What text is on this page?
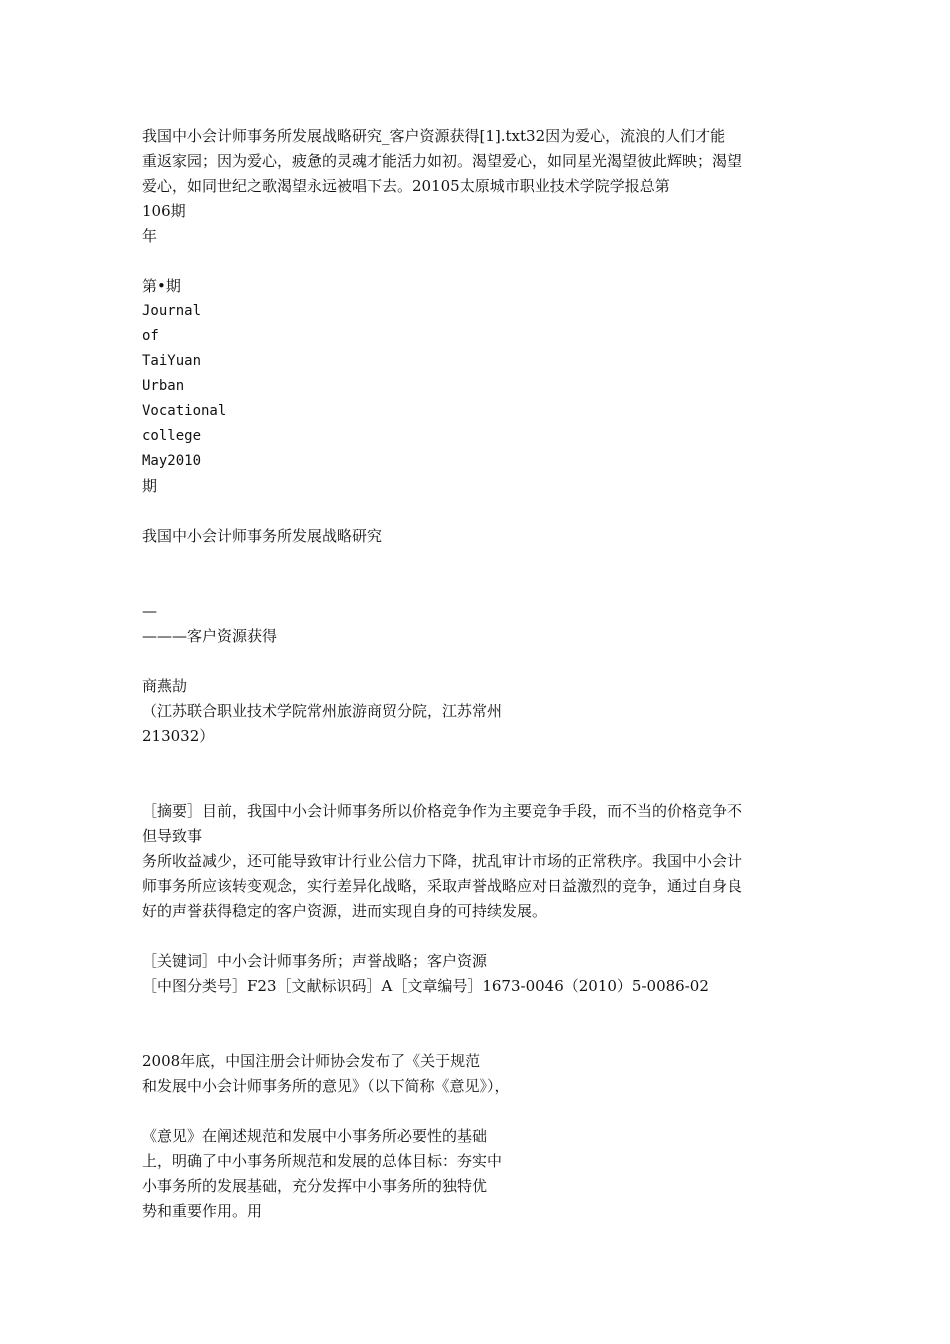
我国中小会计师事务所发展战略研究_客户资源获得[1].txt32因为爱心，流浪的人们才能
重返家园；因为爱心，疲惫的灵魂才能活力如初。渴望爱心，如同星光渴望彼此辉映；渴望
爱心，如同世纪之歌渴望永远被唱下去。20105太原城市职业技术学院学报总第
106期
年
第•期
Journal
of
TaiYuan
Urban
Vocational
college
May2010
期
我国中小会计师事务所发展战略研究
—
———客户资源获得
商燕劼
（江苏联合职业技术学院常州旅游商贸分院，江苏常州
213032）
［摘要］目前，我国中小会计师事务所以价格竞争作为主要竞争手段，而不当的价格竞争不
但导致事
务所收益减少，还可能导致审计行业公信力下降，扰乱审计市场的正常秩序。我国中小会计
师事务所应该转变观念，实行差异化战略，采取声誉战略应对日益激烈的竞争，通过自身良
好的声誉获得稳定的客户资源，进而实现自身的可持续发展。
［关键词］中小会计师事务所；声誉战略；客户资源
［中图分类号］F23［文献标识码］A［文章编号］1673-0046（2010）5-0086-02
2008年底，中国注册会计师协会发布了《关于规范
和发展中小会计师事务所的意见》（以下简称《意见》），
《意见》在阐述规范和发展中小事务所必要性的基础
上，明确了中小事务所规范和发展的总体目标：夯实中
小事务所的发展基础，充分发挥中小事务所的独特优
势和重要作用。用
